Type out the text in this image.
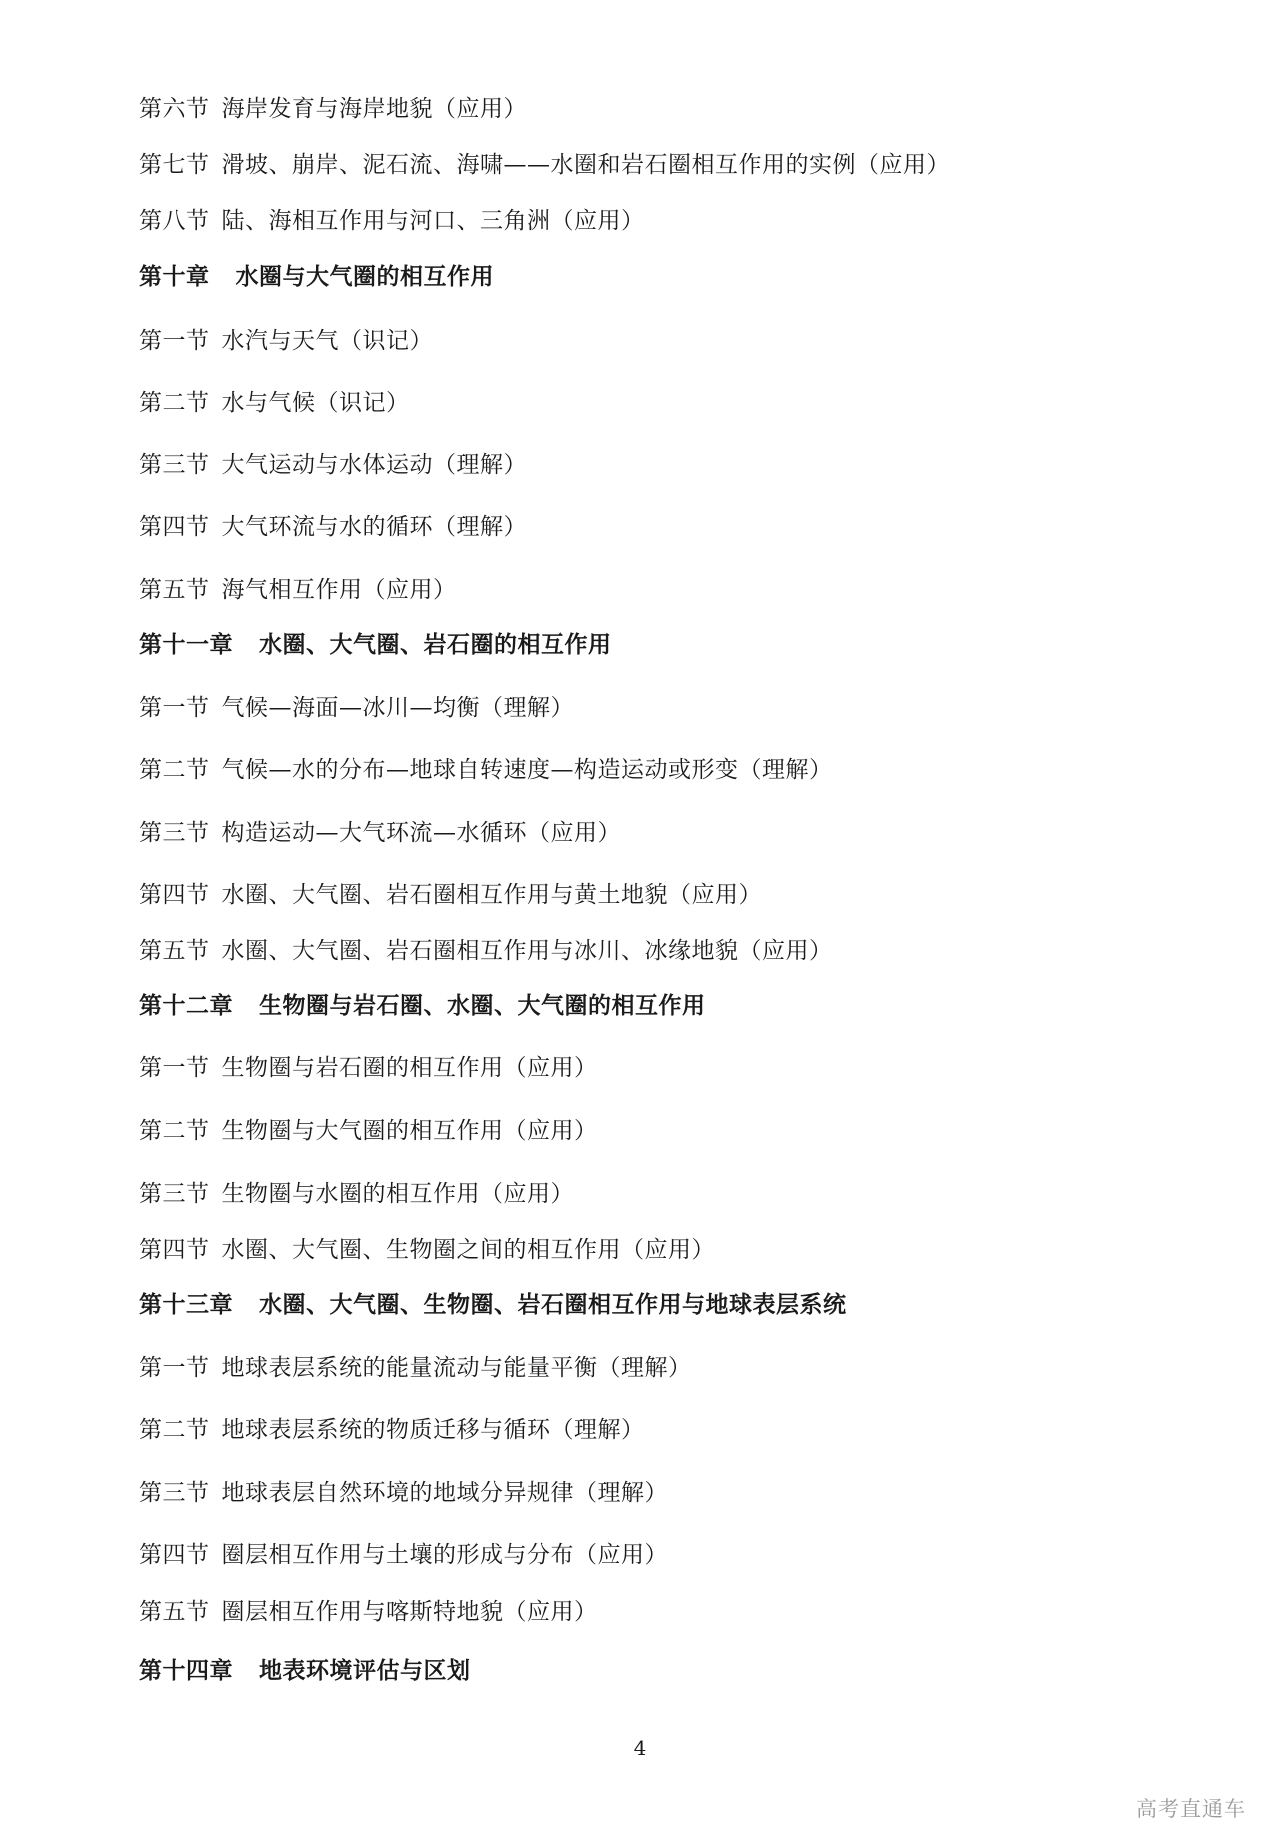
第六节 海岸发育与海岸地貌（应用）
第七节 滑坡、崩岸、泥石流、海啸——水圈和岩石圈相互作用的实例（应用）
第八节 陆、海相互作用与河口、三角洲（应用）
第十章 水圈与大气圈的相互作用
第一节 水汽与天气（识记）
第二节 水与气候（识记）
第三节 大气运动与水体运动（理解）
第四节 大气环流与水的循环（理解）
第五节 海气相互作用（应用）
第十一章 水圈、大气圈、岩石圈的相互作用
第一节 气候—海面—冰川—均衡（理解）
第二节 气候—水的分布—地球自转速度—构造运动或形变（理解）
第三节 构造运动—大气环流—水循环（应用）
第四节 水圈、大气圈、岩石圈相互作用与黄土地貌（应用）
第五节 水圈、大气圈、岩石圈相互作用与冰川、冰缘地貌（应用）
第十二章 生物圈与岩石圈、水圈、大气圈的相互作用
第一节 生物圈与岩石圈的相互作用（应用）
第二节 生物圈与大气圈的相互作用（应用）
第三节 生物圈与水圈的相互作用（应用）
第四节 水圈、大气圈、生物圈之间的相互作用（应用）
第十三章 水圈、大气圈、生物圈、岩石圈相互作用与地球表层系统
第一节 地球表层系统的能量流动与能量平衡（理解）
第二节 地球表层系统的物质迁移与循环（理解）
第三节 地球表层自然环境的地域分异规律（理解）
第四节 圈层相互作用与土壤的形成与分布（应用）
第五节 圈层相互作用与喀斯特地貌（应用）
第十四章 地表环境评估与区划
4
高考直通车
